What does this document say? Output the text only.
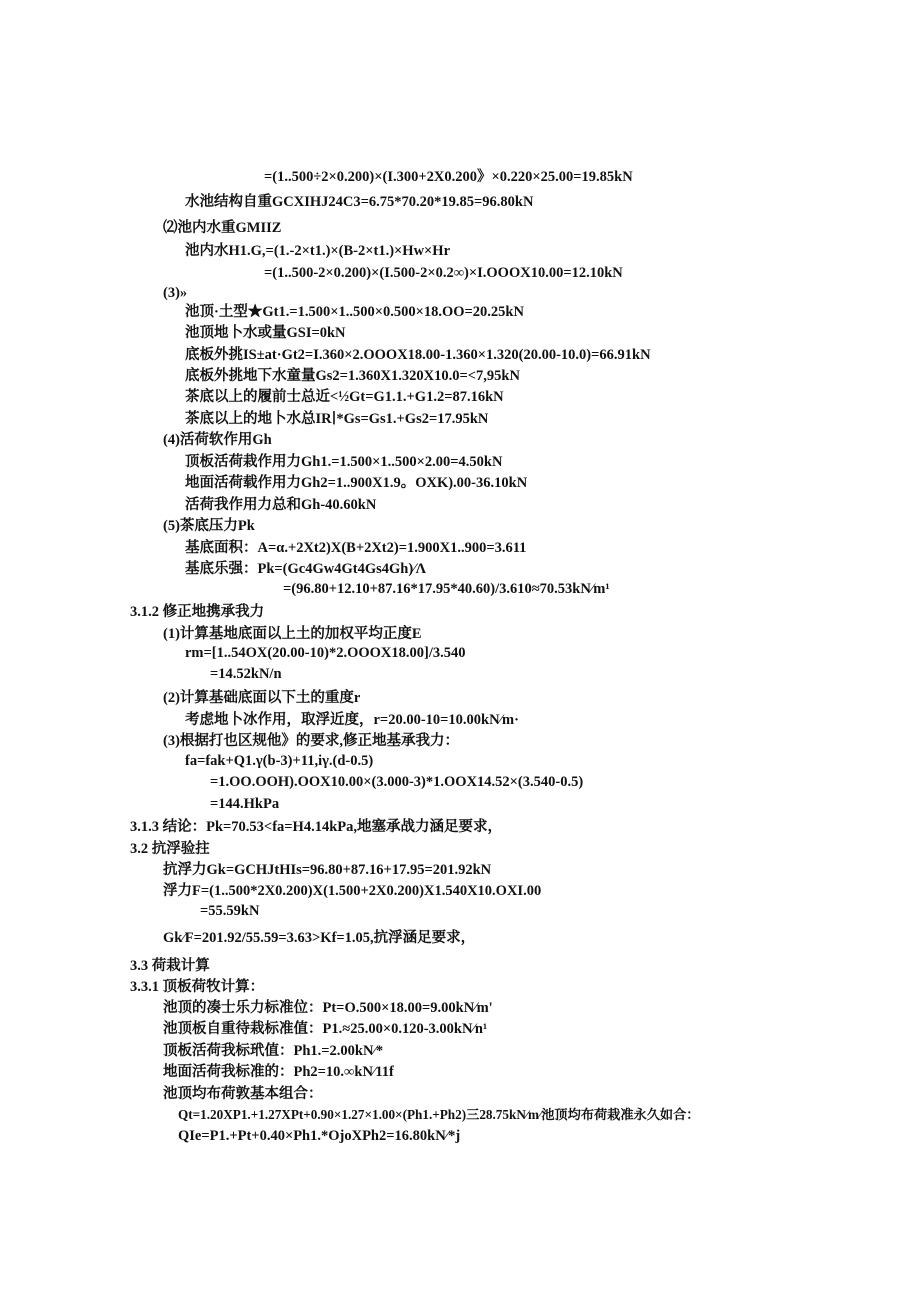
=(1..500÷2×0.200)×(I.300+2X0.200》×0.220×25.00=19.85kN
水池结构自重GCXIHJ24C3=6.75*70.20*19.85=96.80kN
⑵池内水重GMIIZ
池内水H1.G,=(1.-2×t1.)×(B-2×t1.)×Hw×Hr
=(1..500-2×0.200)×(I.500-2×0.2∞)×I.OOOX10.00=12.10kN
(3)»
池顶·土型★Gt1.=1.500×1..500×0.500×18.OO=20.25kN
池顶地卜水或量GSI=0kN
底板外挑IS±at·Gt2=I.360×2.OOOX18.00-1.360×1.320(20.00-10.0)=66.91kN
底板外挑地下水童量Gs2=1.360X1.320X10.0=<7,95kN
茶底以上的履前士总近<½Gt=G1.1.+G1.2=87.16kN
茶底以上的地卜水总IR∣*Gs=Gs1.+Gs2=17.95kN
(4)活荷软作用Gh
顶板活荷栽作用力Gh1.=1.500×1..500×2.00=4.50kN
地面活荷载作用力Gh2=1..900X1.9。OXK).00-36.10kN
活荷我作用力总和Gh-40.60kN
(5)茶底压力Pk
基底面积：A=α.+2Xt2)X(B+2Xt2)=1.900X1..900=3.611
基底乐强：Pk=(Gc4Gw4Gt4Gs4Gh)∕Λ
=(96.80+12.10+87.16*17.95*40.60)/3.610≈70.53kN∕m¹
3.1.2 修正地携承我力
(1)计算基地底面以上土的加权平均正度E
rm=[1..54OX(20.00-10)*2.OOOX18.00]/3.540
=14.52kN/n
(2)计算基础底面以下土的重度r
考虑地卜冰作用，取浮近度，r=20.00-10=10.00kN∕m·
(3)根据打也区规他》的要求,修正地基承我力：
fa=fak+Q1.γ(b-3)+11,iγ.(d-0.5)
=1.OO.OOH).OOX10.00×(3.000-3)*1.OOX14.52×(3.540-0.5)
=144.HkPa
3.1.3 结论：Pk=70.53<fa=H4.14kPa,地塞承战力涵足要求，
3.2 抗浮验拄
抗浮力Gk=GCHJtHIs=96.80+87.16+17.95=201.92kN
浮力F=(1..500*2X0.200)X(1.500+2X0.200)X1.540X10.OXI.00
=55.59kN
Gk∕F=201.92/55.59=3.63>Kf=1.05,抗浮涵足要求，
3.3 荷栽计算
3.3.1 顶板荷牧计算：
池顶的凑士乐力标准位：Pt=O.500×18.00=9.00kN∕m'
池顶板自重待栽标准值：P1.≈25.00×0.120-3.00kN∕n¹
顶板活荷我标玳值：Ph1.=2.00kN∕*
地面活荷我标准的：Ph2=10.∞kN∕11f
池顶均布荷敦基本组合：
Qt=1.20XP1.+1.27XPt+0.90×1.27×1.00×(Ph1.+Ph2)三28.75kN∕m∕池顶均布荷栽准永久如合：
QIe=P1.+Pt+0.40×Ph1.*OjoXPh2=16.80kN∕*j
